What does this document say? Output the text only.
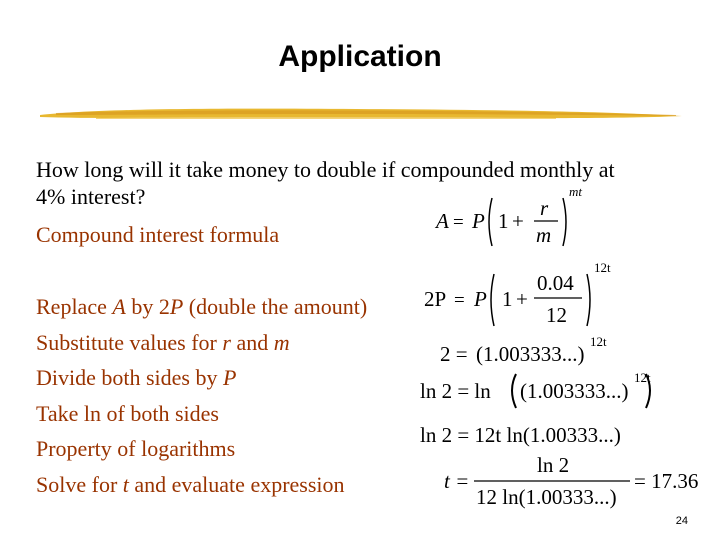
Application
How long will it take money to double if compounded monthly at
4% interest?
Compound interest formula
Replace A by 2P (double the amount)
Substitute values for r and m
Divide both sides by P
Take ln of both sides
Property of logarithms
Solve for t and evaluate expression
A = P 1 +
r
m
mt
2P = P 1 +
0.04
12
12t
2 = (1.003333...)
12t
ln 2 = ln (1.003333...)
12t
ln 2 = 12t ln(1.00333...)
t =
ln 2
12 ln(1.00333...)
= 17.36
24
